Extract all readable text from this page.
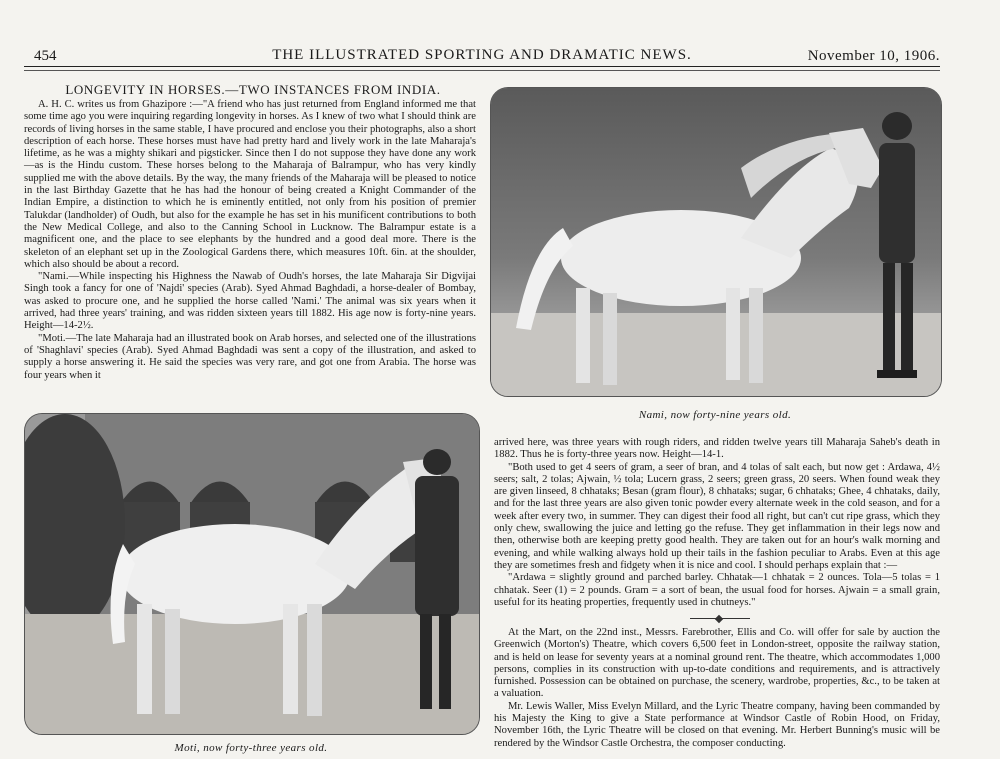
454	THE ILLUSTRATED SPORTING AND DRAMATIC NEWS.	November 10, 1906.
LONGEVITY IN HORSES.—TWO INSTANCES FROM INDIA.

A. H. C. writes us from Ghazipore :—"A friend who has just returned from England informed me that some time ago you were inquiring regarding longevity in horses. As I knew of two what I should think are records of living horses in the same stable, I have procured and enclose you their photographs, also a short description of each horse. These horses must have had pretty hard and lively work in the late Maharaja's lifetime, as he was a mighty shikari and pigsticker. Since then I do not suppose they have done any work—as is the Hindu custom. These horses belong to the Maharaja of Balrampur, who has very kindly supplied me with the above details. By the way, the many friends of the Maharaja will be pleased to notice in the last Birthday Gazette that he has had the honour of being created a Knight Commander of the Indian Empire, a distinction to which he is eminently entitled, not only from his position of premier Talukdar (landholder) of Oudh, but also for the example he has set in his munificent contributions to both the New Medical College, and also to the Canning School in Lucknow. The Balrampur estate is a magnificent one, and the place to see elephants by the hundred and a good deal more. There is the skeleton of an elephant set up in the Zoological Gardens there, which measures 10ft. 6in. at the shoulder, which also should be about a record.

"Nami.—While inspecting his Highness the Nawab of Oudh's horses, the late Maharaja Sir Digvijai Singh took a fancy for one of 'Najdi' species (Arab). Syed Ahmad Baghdadi, a horse-dealer of Bombay, was asked to procure one, and he supplied the horse called 'Nami.' The animal was six years when it arrived, had three years' training, and was ridden sixteen years till 1882. His age now is forty-nine years. Height—14-2½.

"Moti.—The late Maharaja had an illustrated book on Arab horses, and selected one of the illustrations of 'Shaghlavi' species (Arab). Syed Ahmad Baghdadi was sent a copy of the illustration, and asked to supply a horse answering it. He said the species was very rare, and got one from Arabia. The horse was four years when it

Nami, now forty-nine years old.
Moti, now forty-three years old.

arrived here, was three years with rough riders, and ridden twelve years till Maharaja Saheb's death in 1882. Thus he is forty-three years now. Height—14-1.

"Both used to get 4 seers of gram, a seer of bran, and 4 tolas of salt each, but now get : Ardawa, 4½ seers; salt, 2 tolas; Ajwain, ½ tola; Lucern grass, 2 seers; green grass, 20 seers. When found weak they are given linseed, 8 chhataks; Besan (gram flour), 8 chhataks; sugar, 6 chhataks; Ghee, 4 chhataks, daily, and for the last three years are also given tonic powder every alternate week in the cold season, and for a week after every two, in summer. They can digest their food all right, but can't cut ripe grass, which they only chew, swallowing the juice and letting go the refuse. They get inflammation in their legs now and then, otherwise both are keeping pretty good health. They are taken out for an hour's walk morning and evening, and while walking always hold up their tails in the fashion peculiar to Arabs. Even at this age they are sometimes fresh and fidgety when it is nice and cool. I should perhaps explain that :—

"Ardawa = slightly ground and parched barley. Chhatak—1 chhatak = 2 ounces. Tola—5 tolas = 1 chhatak. Seer (1) = 2 pounds. Gram = a sort of bean, the usual food for horses. Ajwain = a small grain, useful for its heating properties, frequently used in chutneys."

At the Mart, on the 22nd inst., Messrs. Farebrother, Ellis and Co. will offer for sale by auction the Greenwich (Morton's) Theatre, which covers 6,500 feet in London-street, opposite the railway station, and is held on lease for seventy years at a nominal ground rent. The theatre, which accommodates 1,000 persons, complies in its construction with up-to-date conditions and requirements, and is attractively furnished. Possession can be obtained on purchase, the scenery, wardrobe, properties, &c., to be taken at a valuation.

Mr. Lewis Waller, Miss Evelyn Millard, and the Lyric Theatre company, having been commanded by his Majesty the King to give a State performance at Windsor Castle of Robin Hood, on Friday, November 16th, the Lyric Theatre will be closed on that evening. Mr. Herbert Bunning's music will be rendered by the Windsor Castle Orchestra, the composer conducting.
